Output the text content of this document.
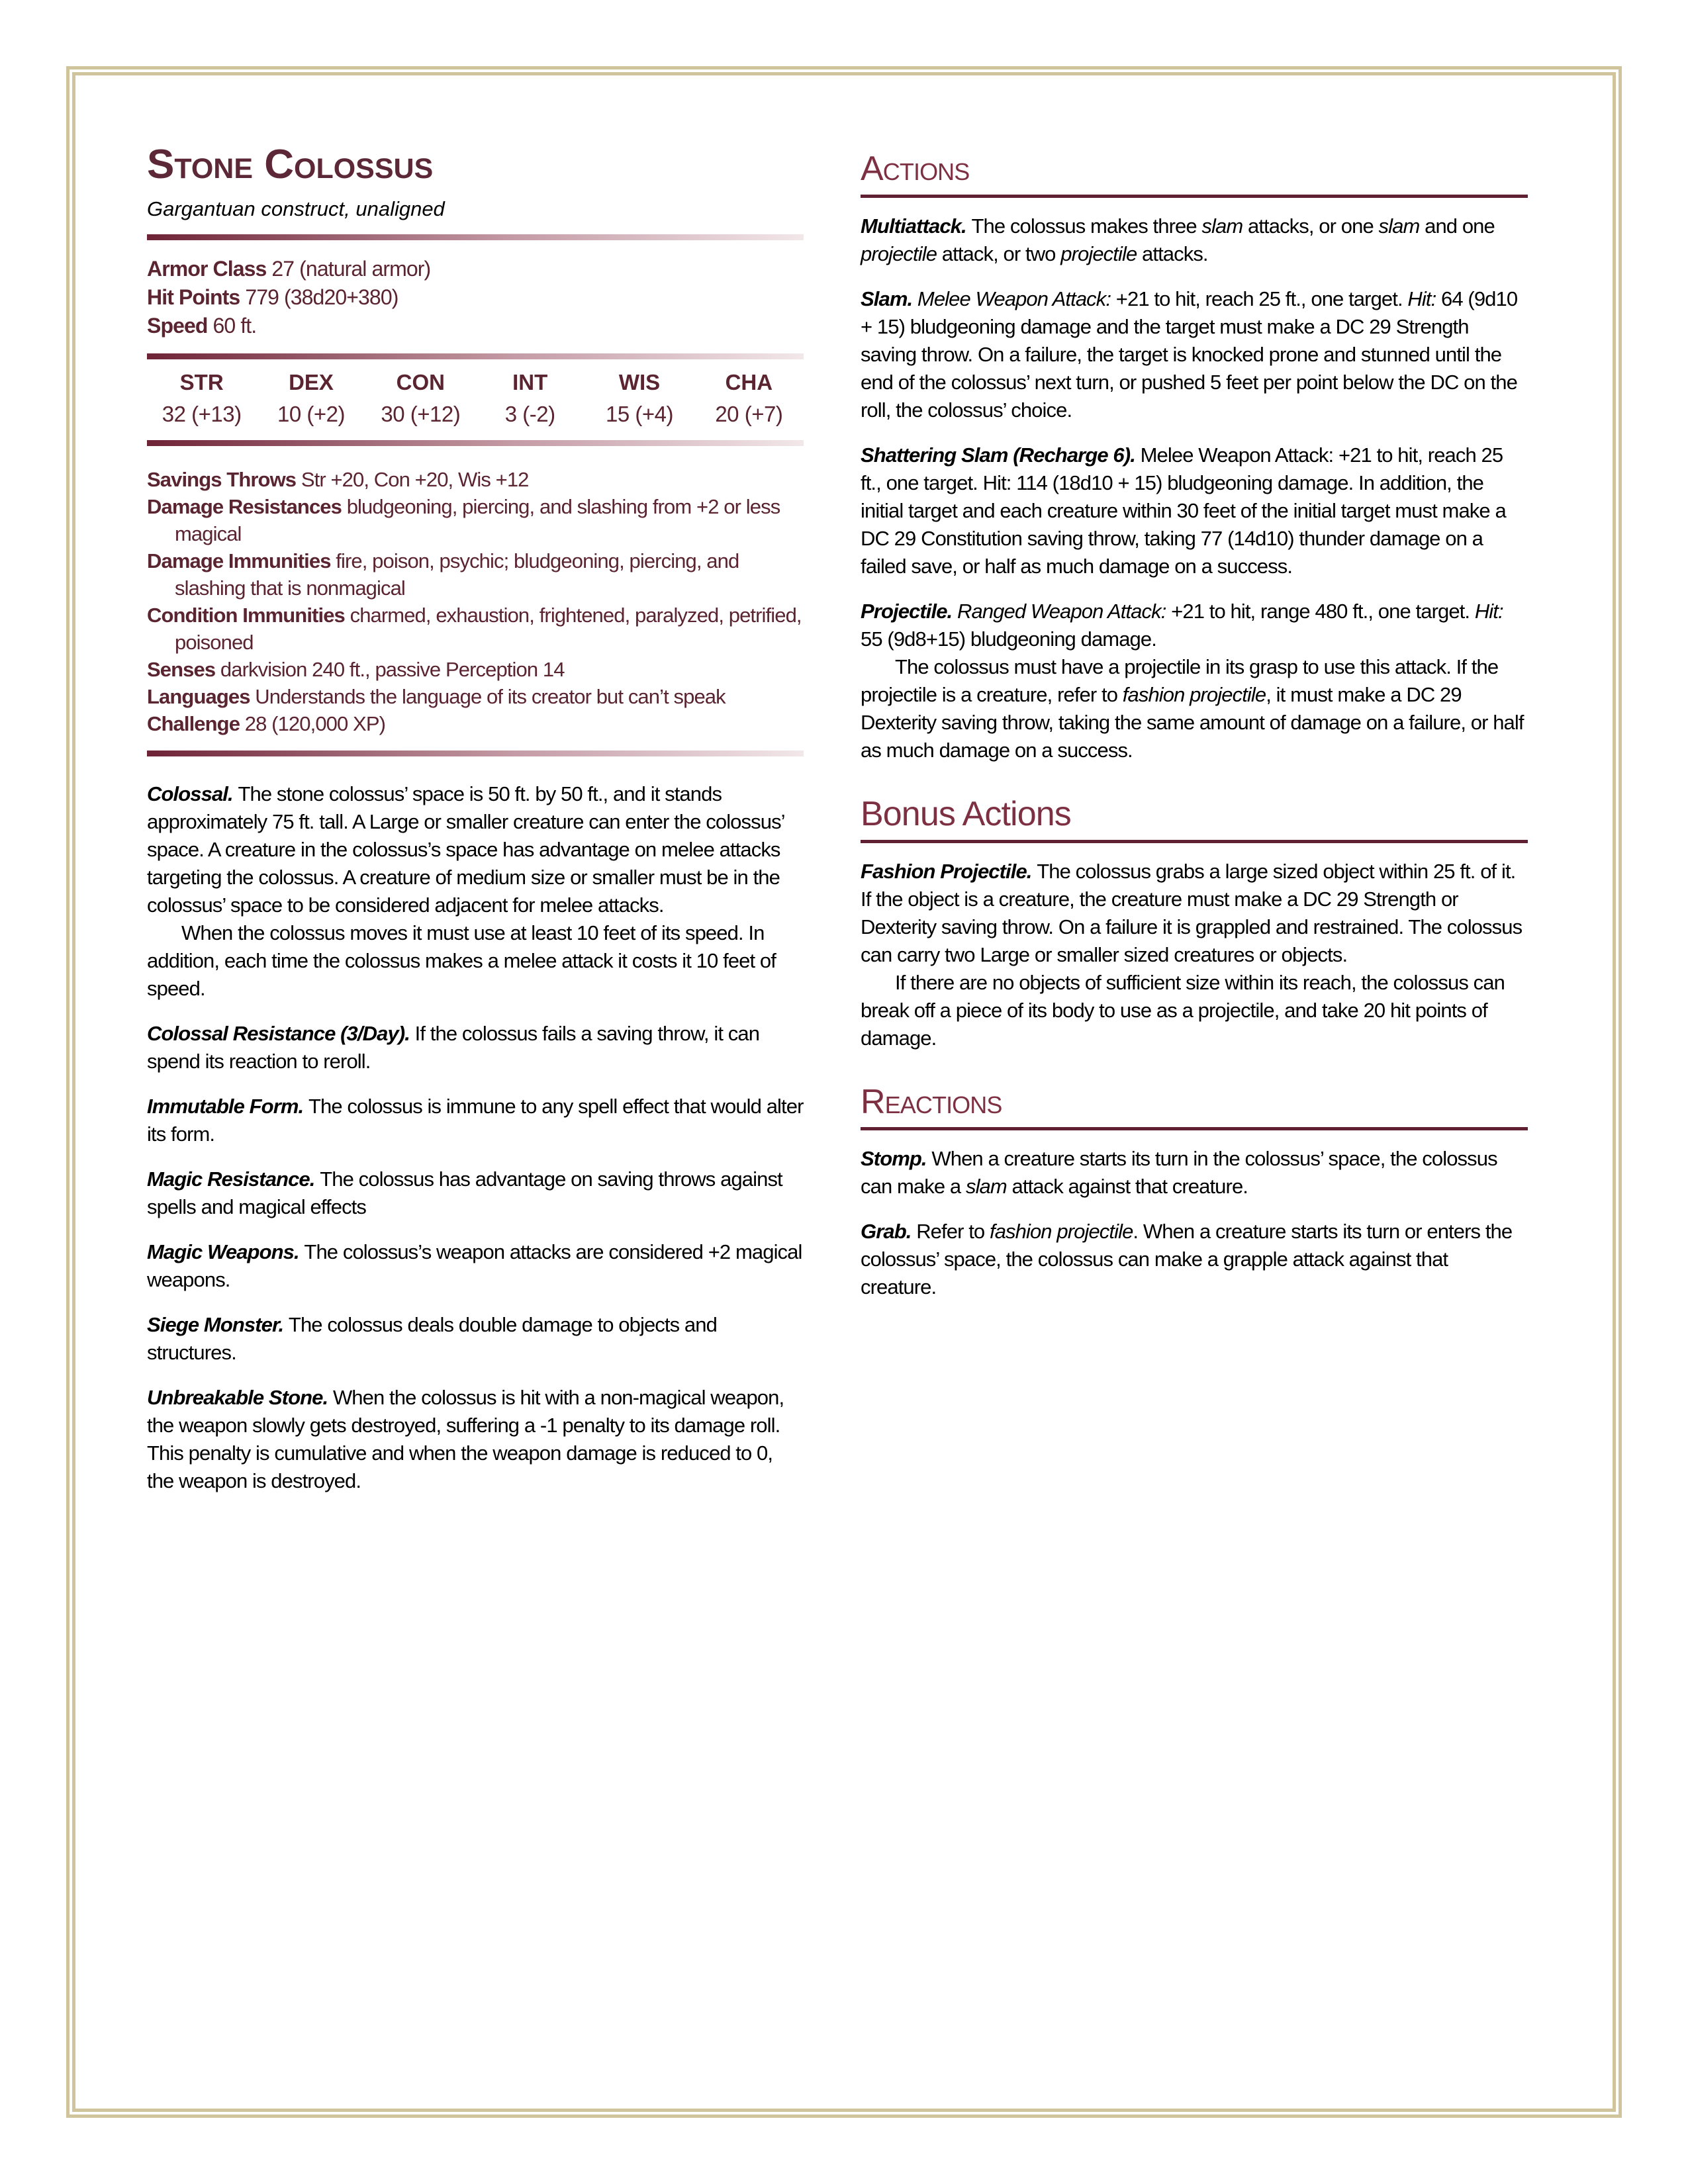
Stone Colossus
Gargantuan construct, unaligned
Armor Class 27 (natural armor)
Hit Points 779 (38d20+380)
Speed 60 ft.
STR
32 (+13)
DEX
10 (+2)
CON
30 (+12)
INT
3 (-2)
WIS
15 (+4)
CHA
20 (+7)
Savings Throws Str +20, Con +20, Wis +12
Damage Resistances bludgeoning, piercing, and slashing from +2 or less magical
Damage Immunities fire, poison, psychic; bludgeoning, piercing, and slashing that is nonmagical
Condition Immunities charmed, exhaustion, frightened, paralyzed, petrified, poisoned
Senses darkvision 240 ft., passive Perception 14
Languages Understands the language of its creator but can’t speak
Challenge 28 (120,000 XP)
Colossal. The stone colossus’ space is 50 ft. by 50 ft., and it stands approximately 75 ft. tall. A Large or smaller creature can enter the colossus’ space. A creature in the colossus’s space has advantage on melee attacks targeting the colossus. A creature of medium size or smaller must be in the colossus’ space to be considered adjacent for melee attacks.
When the colossus moves it must use at least 10 feet of its speed. In addition, each time the colossus makes a melee attack it costs it 10 feet of speed.
Colossal Resistance (3/Day). If the colossus fails a saving throw, it can spend its reaction to reroll.
Immutable Form. The colossus is immune to any spell effect that would alter its form.
Magic Resistance. The colossus has advantage on saving throws against spells and magical effects
Magic Weapons. The colossus’s weapon attacks are considered +2 magical weapons.
Siege Monster. The colossus deals double damage to objects and structures.
Unbreakable Stone. When the colossus is hit with a non-magical weapon, the weapon slowly gets destroyed, suffering a -1 penalty to its damage roll. This penalty is cumulative and when the weapon damage is reduced to 0, the weapon is destroyed.
Actions
Multiattack. The colossus makes three slam attacks, or one slam and one projectile attack, or two projectile attacks.
Slam. Melee Weapon Attack: +21 to hit, reach 25 ft., one target. Hit: 64 (9d10 + 15) bludgeoning damage and the target must make a DC 29 Strength saving throw. On a failure, the target is knocked prone and stunned until the end of the colossus’ next turn, or pushed 5 feet per point below the DC on the roll, the colossus’ choice.
Shattering Slam (Recharge 6). Melee Weapon Attack: +21 to hit, reach 25 ft., one target. Hit: 114 (18d10 + 15) bludgeoning damage. In addition, the initial target and each creature within 30 feet of the initial target must make a DC 29 Constitution saving throw, taking 77 (14d10) thunder damage on a failed save, or half as much damage on a success.
Projectile. Ranged Weapon Attack: +21 to hit, range 480 ft., one target. Hit: 55 (9d8+15) bludgeoning damage.
The colossus must have a projectile in its grasp to use this attack. If the projectile is a creature, refer to fashion projectile, it must make a DC 29 Dexterity saving throw, taking the same amount of damage on a failure, or half as much damage on a success.
Bonus Actions
Fashion Projectile. The colossus grabs a large sized object within 25 ft. of it. If the object is a creature, the creature must make a DC 29 Strength or Dexterity saving throw. On a failure it is grappled and restrained. The colossus can carry two Large or smaller sized creatures or objects.
If there are no objects of sufficient size within its reach, the colossus can break off a piece of its body to use as a projectile, and take 20 hit points of damage.
Reactions
Stomp. When a creature starts its turn in the colossus’ space, the colossus can make a slam attack against that creature.
Grab. Refer to fashion projectile. When a creature starts its turn or enters the colossus’ space, the colossus can make a grapple attack against that creature.
